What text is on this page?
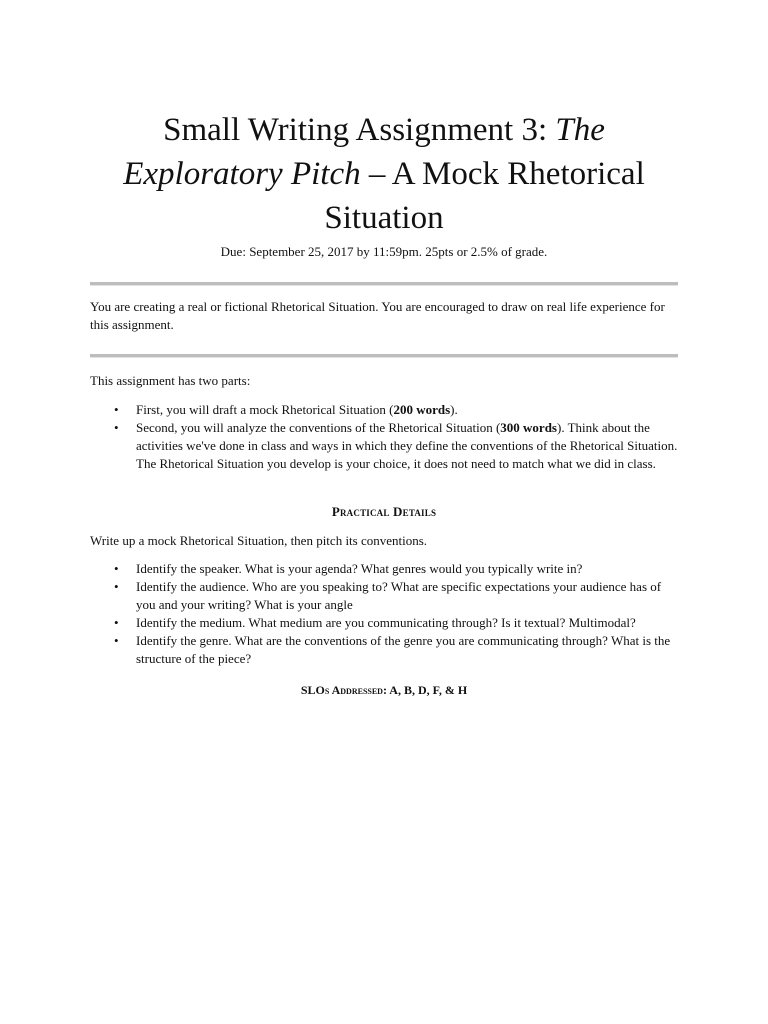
Small Writing Assignment 3: The
Exploratory Pitch – A Mock Rhetorical Situation
Due: September 25, 2017 by 11:59pm. 25pts or 2.5% of grade.

You are creating a real or fictional Rhetorical Situation. You are encouraged to draw on real life experience for this assignment.

This assignment has two parts:

• First, you will draft a mock Rhetorical Situation (200 words).
• Second, you will analyze the conventions of the Rhetorical Situation (300 words). Think about the activities we've done in class and ways in which they define the conventions of the Rhetorical Situation. The Rhetorical Situation you develop is your choice, it does not need to match what we did in class.
Practical Details

Write up a mock Rhetorical Situation, then pitch its conventions.

• Identify the speaker. What is your agenda? What genres would you typically write in?
• Identify the audience. Who are you speaking to? What are specific expectations your audience has of you and your writing? What is your angle
• Identify the medium. What medium are you communicating through? Is it textual? Multimodal?
• Identify the genre. What are the conventions of the genre you are communicating through? What is the structure of the piece?
SLOs Addressed: A, B, D, F, & H
